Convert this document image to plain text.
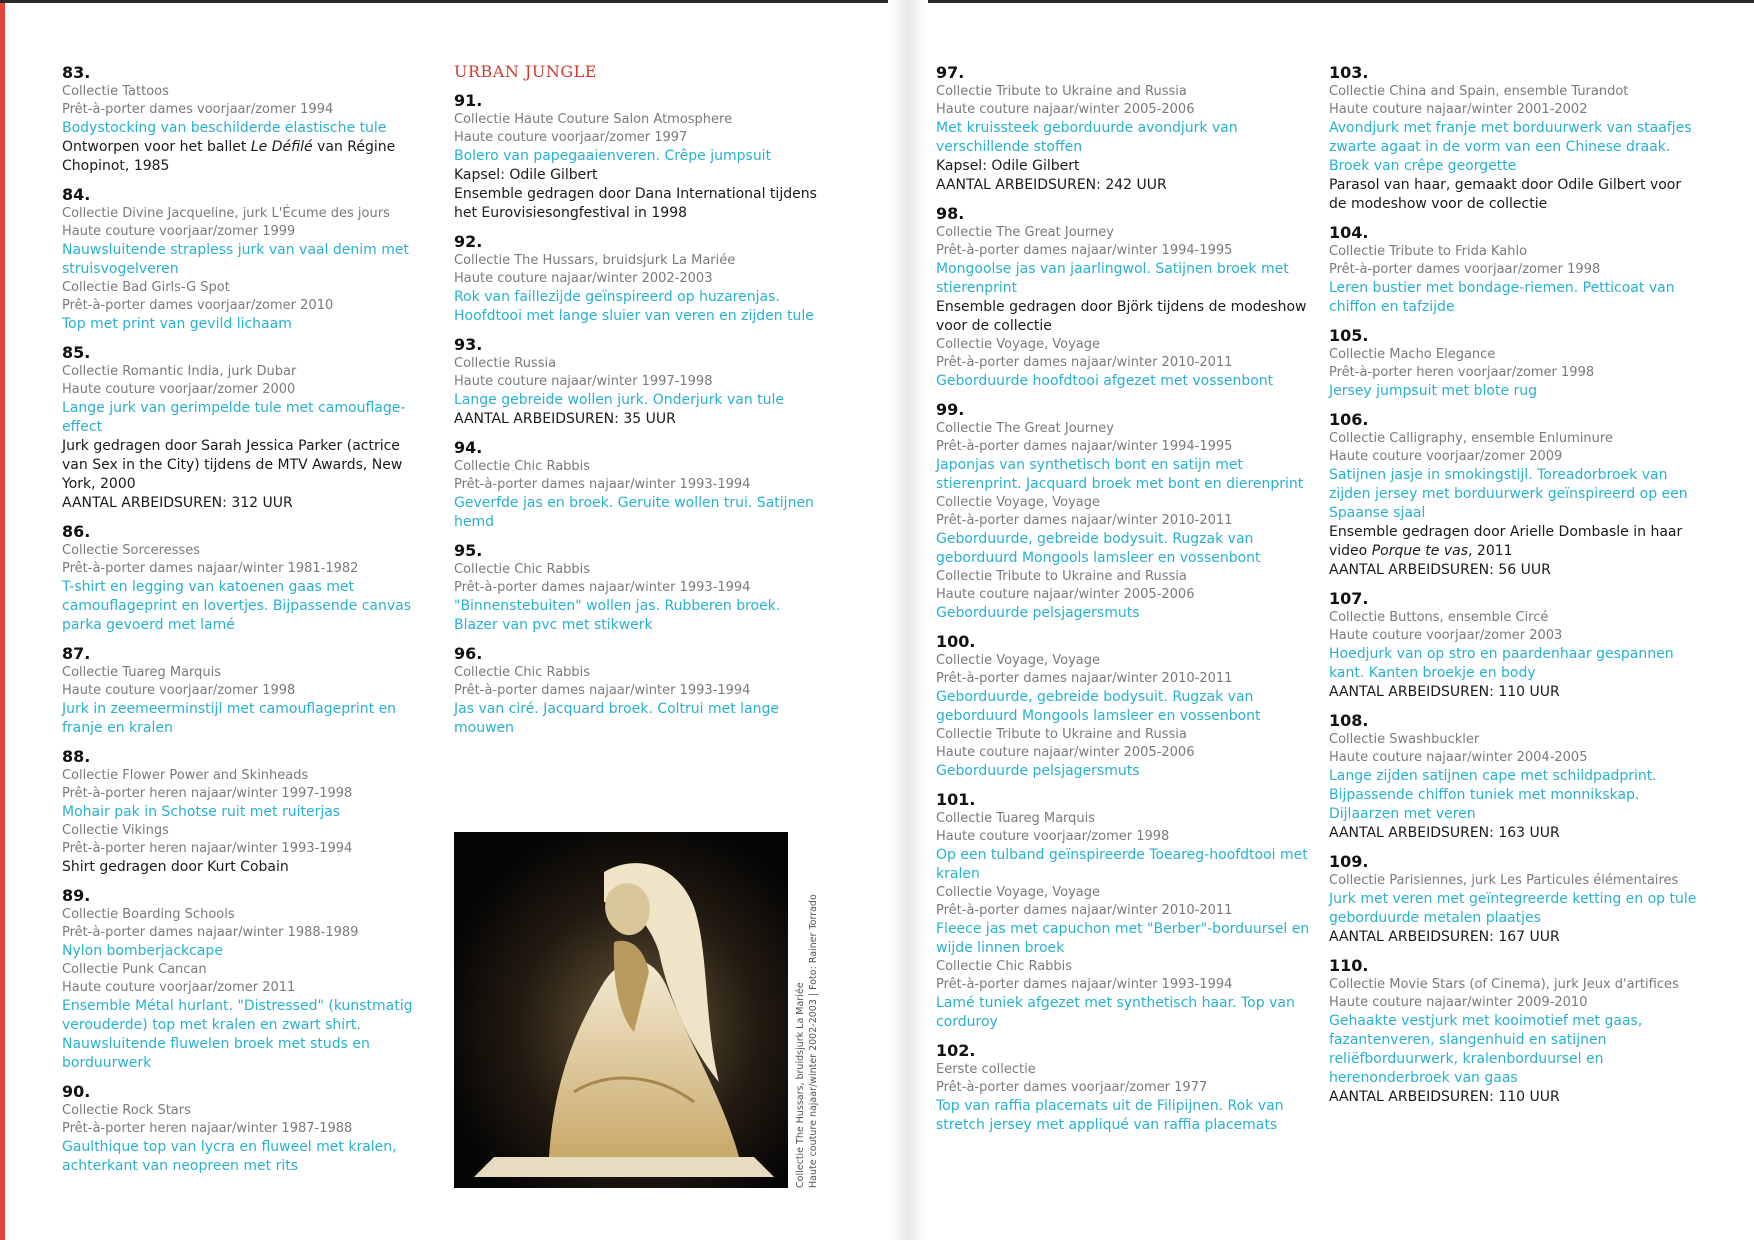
83.
Collectie Tattoos
Prêt-à-porter dames voorjaar/zomer 1994
Bodystocking van beschilderde elastische tule
Ontworpen voor het ballet Le Défilé van Régine Chopinot, 1985
84.
Collectie Divine Jacqueline, jurk L'Écume des jours
Haute couture voorjaar/zomer 1999
Nauwsluitende strapless jurk van vaal denim met struisvogelveren
Collectie Bad Girls-G Spot
Prêt-à-porter dames voorjaar/zomer 2010
Top met print van gevild lichaam
85.
Collectie Romantic India, jurk Dubar
Haute couture voorjaar/zomer 2000
Lange jurk van gerimpelde tule met camouflage-effect
Jurk gedragen door Sarah Jessica Parker (actrice van Sex in the City) tijdens de MTV Awards, New York, 2000
AANTAL ARBEIDSUREN: 312 UUR
86.
Collectie Sorceresses
Prêt-à-porter dames najaar/winter 1981-1982
T-shirt en legging van katoenen gaas met camouflageprint en lovertjes. Bijpassende canvas parka gevoerd met lamé
87.
Collectie Tuareg Marquis
Haute couture voorjaar/zomer 1998
Jurk in zeemeerminstijl met camouflageprint en franje en kralen
88.
Collectie Flower Power and Skinheads
Prêt-à-porter heren najaar/winter 1997-1998
Mohair pak in Schotse ruit met ruiterjas
Collectie Vikings
Prêt-à-porter heren najaar/winter 1993-1994
Shirt gedragen door Kurt Cobain
89.
Collectie Boarding Schools
Prêt-à-porter dames najaar/winter 1988-1989
Nylon bomberjackcape
Collectie Punk Cancan
Haute couture voorjaar/zomer 2011
Ensemble Métal hurlant. "Distressed" (kunstmatig verouderde) top met kralen en zwart shirt. Nauwsluitende fluwelen broek met studs en borduurwerk
90.
Collectie Rock Stars
Prêt-à-porter heren najaar/winter 1987-1988
Gaulthique top van lycra en fluweel met kralen, achterkant van neopreen met rits
URBAN JUNGLE
91.
Collectie Haute Couture Salon Atmosphere
Haute couture voorjaar/zomer 1997
Bolero van papegaaienveren. Crêpe jumpsuit
Kapsel: Odile Gilbert
Ensemble gedragen door Dana International tijdens het Eurovisiesongfestival in 1998
92.
Collectie The Hussars, bruidsjurk La Mariée
Haute couture najaar/winter 2002-2003
Rok van faillezijde geïnspireerd op huzarenjas. Hoofdtooi met lange sluier van veren en zijden tule
93.
Collectie Russia
Haute couture najaar/winter 1997-1998
Lange gebreide wollen jurk. Onderjurk van tule
AANTAL ARBEIDSUREN: 35 UUR
94.
Collectie Chic Rabbis
Prêt-à-porter dames najaar/winter 1993-1994
Geverfde jas en broek. Geruite wollen trui. Satijnen hemd
95.
Collectie Chic Rabbis
Prêt-à-porter dames najaar/winter 1993-1994
"Binnenstebuiten" wollen jas. Rubberen broek. Blazer van pvc met stikwerk
96.
Collectie Chic Rabbis
Prêt-à-porter dames najaar/winter 1993-1994
Jas van ciré. Jacquard broek. Coltrui met lange mouwen
97.
Collectie Tribute to Ukraine and Russia
Haute couture najaar/winter 2005-2006
Met kruissteek geborduurde avondjurk van verschillende stoffen
Kapsel: Odile Gilbert
AANTAL ARBEIDSUREN: 242 UUR
98.
Collectie The Great Journey
Prêt-à-porter dames najaar/winter 1994-1995
Mongoolse jas van jaarlingwol. Satijnen broek met stierenprint
Ensemble gedragen door Björk tijdens de modeshow voor de collectie
Collectie Voyage, Voyage
Prêt-à-porter dames najaar/winter 2010-2011
Geborduurde hoofdtooi afgezet met vossenbont
99.
Collectie The Great Journey
Prêt-à-porter dames najaar/winter 1994-1995
Japonjas van synthetisch bont en satijn met stierenprint. Jacquard broek met bont en dierenprint
Collectie Voyage, Voyage
Prêt-à-porter dames najaar/winter 2010-2011
Geborduurde, gebreide bodysuit. Rugzak van geborduurd Mongools lamsleer en vossenbont
Collectie Tribute to Ukraine and Russia
Haute couture najaar/winter 2005-2006
Geborduurde pelsjagersmuts
100.
Collectie Voyage, Voyage
Prêt-à-porter dames najaar/winter 2010-2011
Geborduurde, gebreide bodysuit. Rugzak van geborduurd Mongools lamsleer en vossenbont
Collectie Tribute to Ukraine and Russia
Haute couture najaar/winter 2005-2006
Geborduurde pelsjagersmuts
101.
Collectie Tuareg Marquis
Haute couture voorjaar/zomer 1998
Op een tulband geïnspireerde Toeareg-hoofdtooi met kralen
Collectie Voyage, Voyage
Prêt-à-porter dames najaar/winter 2010-2011
Fleece jas met capuchon met "Berber"-borduursel en wijde linnen broek
Collectie Chic Rabbis
Prêt-à-porter dames najaar/winter 1993-1994
Lamé tuniek afgezet met synthetisch haar. Top van corduroy
102.
Eerste collectie
Prêt-à-porter dames voorjaar/zomer 1977
Top van raffia placemats uit de Filipijnen. Rok van stretch jersey met appliqué van raffia placemats
103.
Collectie China and Spain, ensemble Turandot
Haute couture najaar/winter 2001-2002
Avondjurk met franje met borduurwerk van staafjes zwarte agaat in de vorm van een Chinese draak. Broek van crêpe georgette
Parasol van haar, gemaakt door Odile Gilbert voor de modeshow voor de collectie
104.
Collectie Tribute to Frida Kahlo
Prêt-à-porter dames voorjaar/zomer 1998
Leren bustier met bondage-riemen. Petticoat van chiffon en tafzijde
105.
Collectie Macho Elegance
Prêt-à-porter heren voorjaar/zomer 1998
Jersey jumpsuit met blote rug
106.
Collectie Calligraphy, ensemble Enluminure
Haute couture voorjaar/zomer 2009
Satijnen jasje in smokingstijl. Toreadorbroek van zijden jersey met borduurwerk geïnspireerd op een Spaanse sjaal
Ensemble gedragen door Arielle Dombasle in haar video Porque te vas, 2011
AANTAL ARBEIDSUREN: 56 UUR
107.
Collectie Buttons, ensemble Circé
Haute couture voorjaar/zomer 2003
Hoedjurk van op stro en paardenhaar gespannen kant. Kanten broekje en body
AANTAL ARBEIDSUREN: 110 UUR
108.
Collectie Swashbuckler
Haute couture najaar/winter 2004-2005
Lange zijden satijnen cape met schildpadprint. Bijpassende chiffon tuniek met monnikskap. Dijlaarzen met veren
AANTAL ARBEIDSUREN: 163 UUR
109.
Collectie Parisiennes, jurk Les Particules élémentaires
Jurk met veren met geïntegreerde ketting en op tule geborduurde metalen plaatjes
AANTAL ARBEIDSUREN: 167 UUR
110.
Collectie Movie Stars (of Cinema), jurk Jeux d'artifices
Haute couture najaar/winter 2009-2010
Gehaakte vestjurk met kooimotief met gaas, fazantenveren, slangenhuid en satijnen reliëfborduurwerk, kralenborduursel en herenonderbroek van gaas
AANTAL ARBEIDSUREN: 110 UUR
Collectie The Hussars, bruidsjurk La Mariée Haute couture najaar/winter 2002-2003 | Foto: Rainer Torrado
